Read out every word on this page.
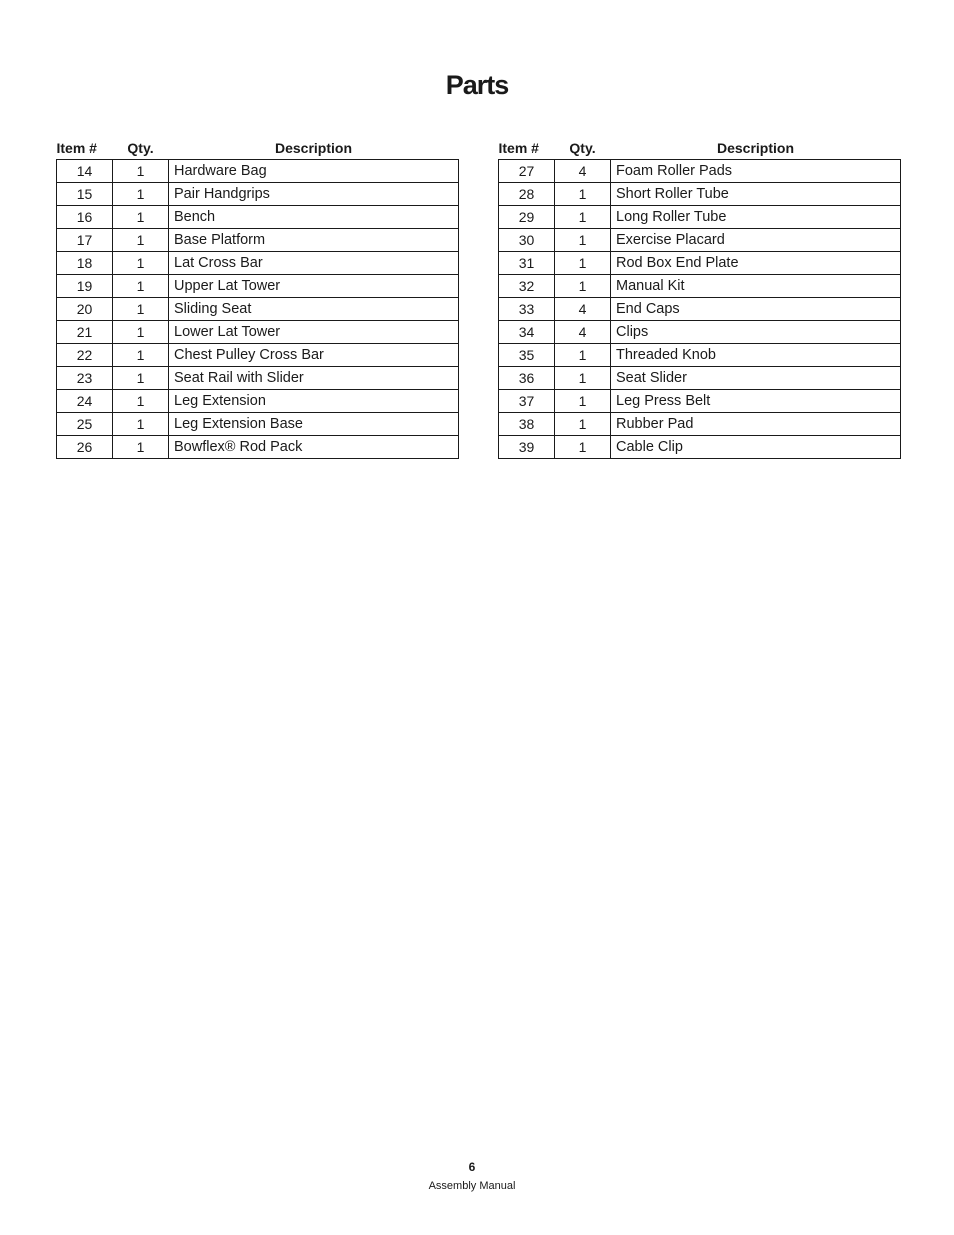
Parts
Item #	Qty.	Description
14	1	Hardware Bag
15	1	Pair Handgrips
16	1	Bench
17	1	Base Platform
18	1	Lat Cross Bar
19	1	Upper Lat Tower
20	1	Sliding Seat
21	1	Lower Lat Tower
22	1	Chest Pulley Cross Bar
23	1	Seat Rail with Slider
24	1	Leg Extension
25	1	Leg Extension Base
26	1	Bowflex® Rod Pack
Item #	Qty.	Description
27	4	Foam Roller Pads
28	1	Short Roller Tube
29	1	Long Roller Tube
30	1	Exercise Placard
31	1	Rod Box End Plate
32	1	Manual Kit
33	4	End Caps
34	4	Clips
35	1	Threaded Knob
36	1	Seat Slider
37	1	Leg Press Belt
38	1	Rubber Pad
39	1	Cable Clip
6
Assembly Manual
